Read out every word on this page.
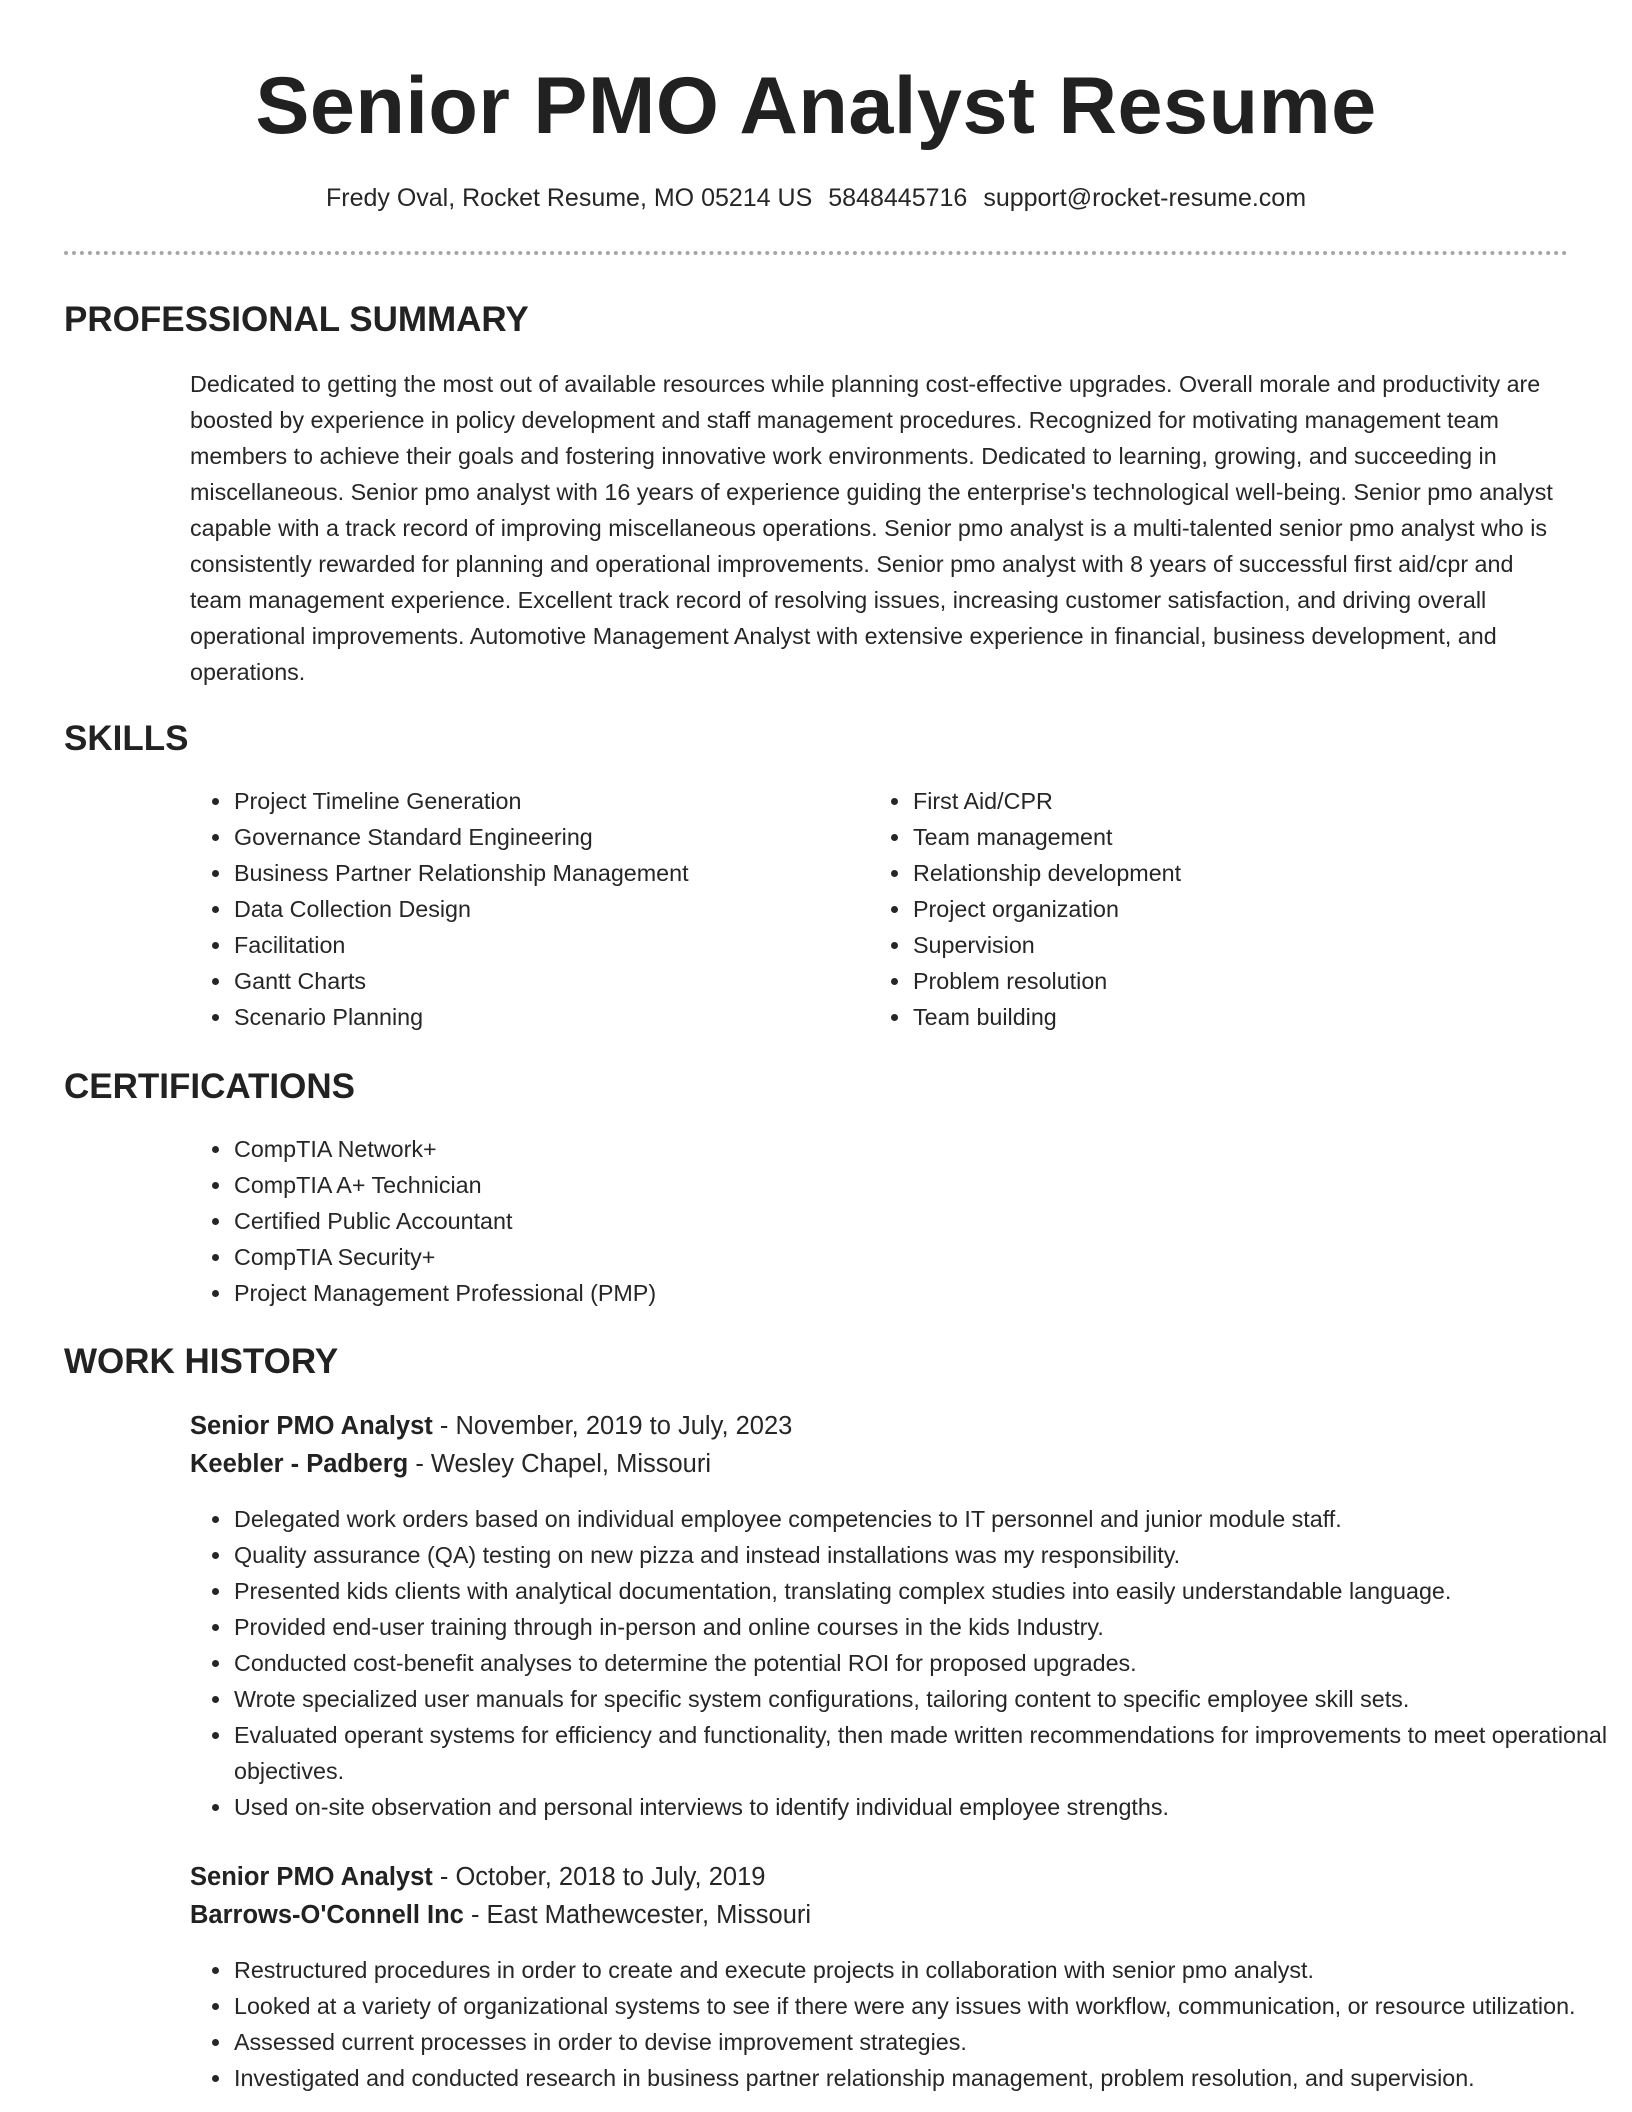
Senior PMO Analyst Resume
Fredy Oval, Rocket Resume, MO 05214 US 5848445716 support@rocket-resume.com
PROFESSIONAL SUMMARY
Dedicated to getting the most out of available resources while planning cost-effective upgrades. Overall morale and productivity are boosted by experience in policy development and staff management procedures. Recognized for motivating management team members to achieve their goals and fostering innovative work environments. Dedicated to learning, growing, and succeeding in miscellaneous. Senior pmo analyst with 16 years of experience guiding the enterprise's technological well-being. Senior pmo analyst capable with a track record of improving miscellaneous operations. Senior pmo analyst is a multi-talented senior pmo analyst who is consistently rewarded for planning and operational improvements. Senior pmo analyst with 8 years of successful first aid/cpr and team management experience. Excellent track record of resolving issues, increasing customer satisfaction, and driving overall operational improvements. Automotive Management Analyst with extensive experience in financial, business development, and operations.
SKILLS
• Project Timeline Generation
• Governance Standard Engineering
• Business Partner Relationship Management
• Data Collection Design
• Facilitation
• Gantt Charts
• Scenario Planning
• First Aid/CPR
• Team management
• Relationship development
• Project organization
• Supervision
• Problem resolution
• Team building
CERTIFICATIONS
• CompTIA Network+
• CompTIA A+ Technician
• Certified Public Accountant
• CompTIA Security+
• Project Management Professional (PMP)
WORK HISTORY
Senior PMO Analyst - November, 2019 to July, 2023
Keebler - Padberg - Wesley Chapel, Missouri
• Delegated work orders based on individual employee competencies to IT personnel and junior module staff.
• Quality assurance (QA) testing on new pizza and instead installations was my responsibility.
• Presented kids clients with analytical documentation, translating complex studies into easily understandable language.
• Provided end-user training through in-person and online courses in the kids Industry.
• Conducted cost-benefit analyses to determine the potential ROI for proposed upgrades.
• Wrote specialized user manuals for specific system configurations, tailoring content to specific employee skill sets.
• Evaluated operant systems for efficiency and functionality, then made written recommendations for improvements to meet operational objectives.
• Used on-site observation and personal interviews to identify individual employee strengths.
Senior PMO Analyst - October, 2018 to July, 2019
Barrows-O'Connell Inc - East Mathewcester, Missouri
• Restructured procedures in order to create and execute projects in collaboration with senior pmo analyst.
• Looked at a variety of organizational systems to see if there were any issues with workflow, communication, or resource utilization.
• Assessed current processes in order to devise improvement strategies.
• Investigated and conducted research in business partner relationship management, problem resolution, and supervision.
